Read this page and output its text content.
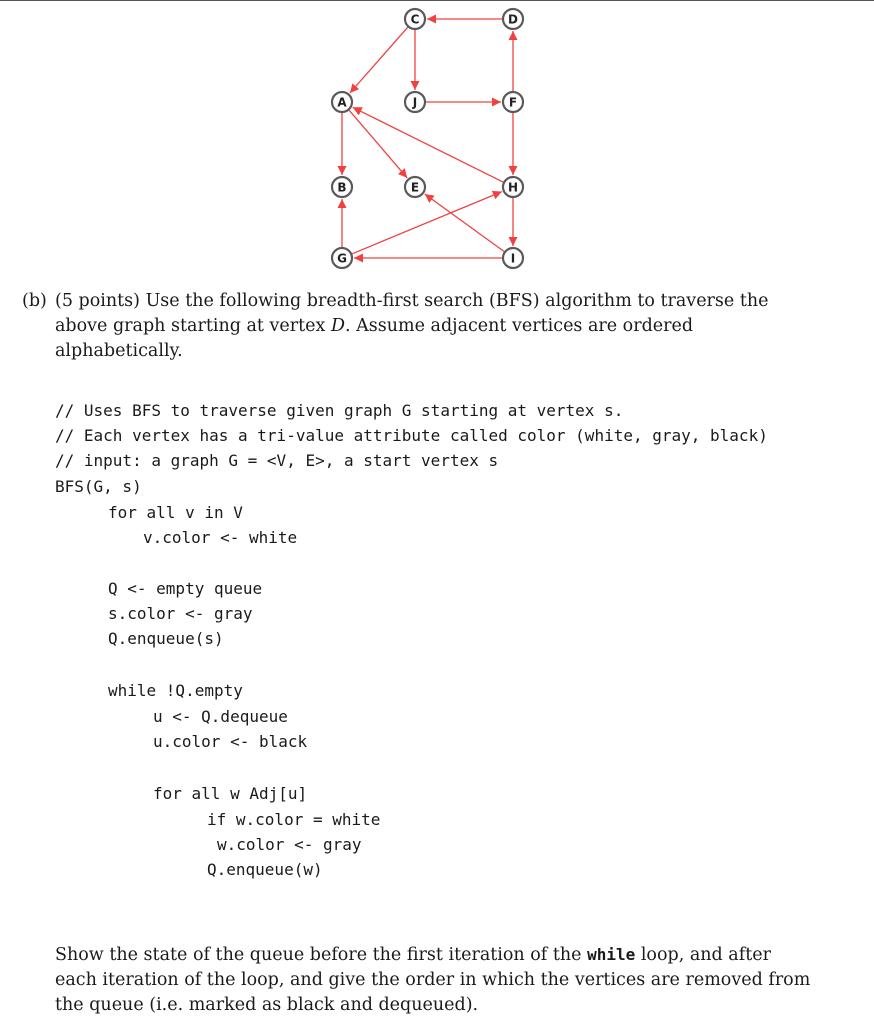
C	D
A	J	F
B	E	H
G	I
(b) (5 points) Use the following breadth-first search (BFS) algorithm to traverse the above graph starting at vertex D. Assume adjacent vertices are ordered alphabetically.
// Uses BFS to traverse given graph G starting at vertex s.
// Each vertex has a tri-value attribute called color (white, gray, black)
// input: a graph G = <V, E>, a start vertex s
BFS(G, s)
for all v in V
v.color <- white
Q <- empty queue
s.color <- gray
Q.enqueue(s)
while !Q.empty
u <- Q.dequeue
u.color <- black
for all w Adj[u]
if w.color = white
w.color <- gray
Q.enqueue(w)

Show the state of the queue before the first iteration of the while loop, and after each iteration of the loop, and give the order in which the vertices are removed from the queue (i.e. marked as black and dequeued).
